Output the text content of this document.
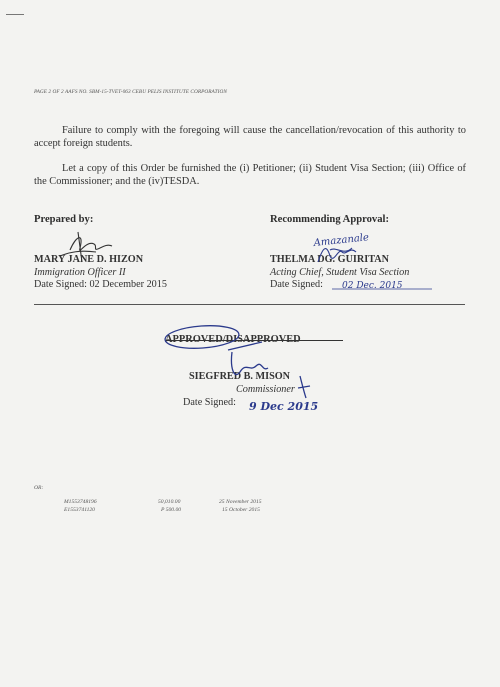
PAGE 2 OF 2 AAFS NO. SBM-15-TVET-063 CEBU PELIS INSTITUTE CORPORATION
Failure to comply with the foregoing will cause the cancellation/revocation of this authority to accept foreign students.
Let a copy of this Order be furnished the (i) Petitioner; (ii) Student Visa Section; (iii) Office of the Commissioner; and the (iv)TESDA.
Prepared by:
MARY JANE D. HIZON
Immigration Officer II
Date Signed: 02 December 2015
Recommending Approval:
THELMA DG. GUIRITAN
Acting Chief, Student Visa Section
Date Signed:
APPROVED/DISAPPROVED
SIEGFRED B. MISON
Commissioner
Date Signed:
OR:
M1553748196	50,010.00	25 November 2015
E1553741120	P 500.00	15 October 2015
Amazanale
02 Dec. 2015
9 Dec 2015
